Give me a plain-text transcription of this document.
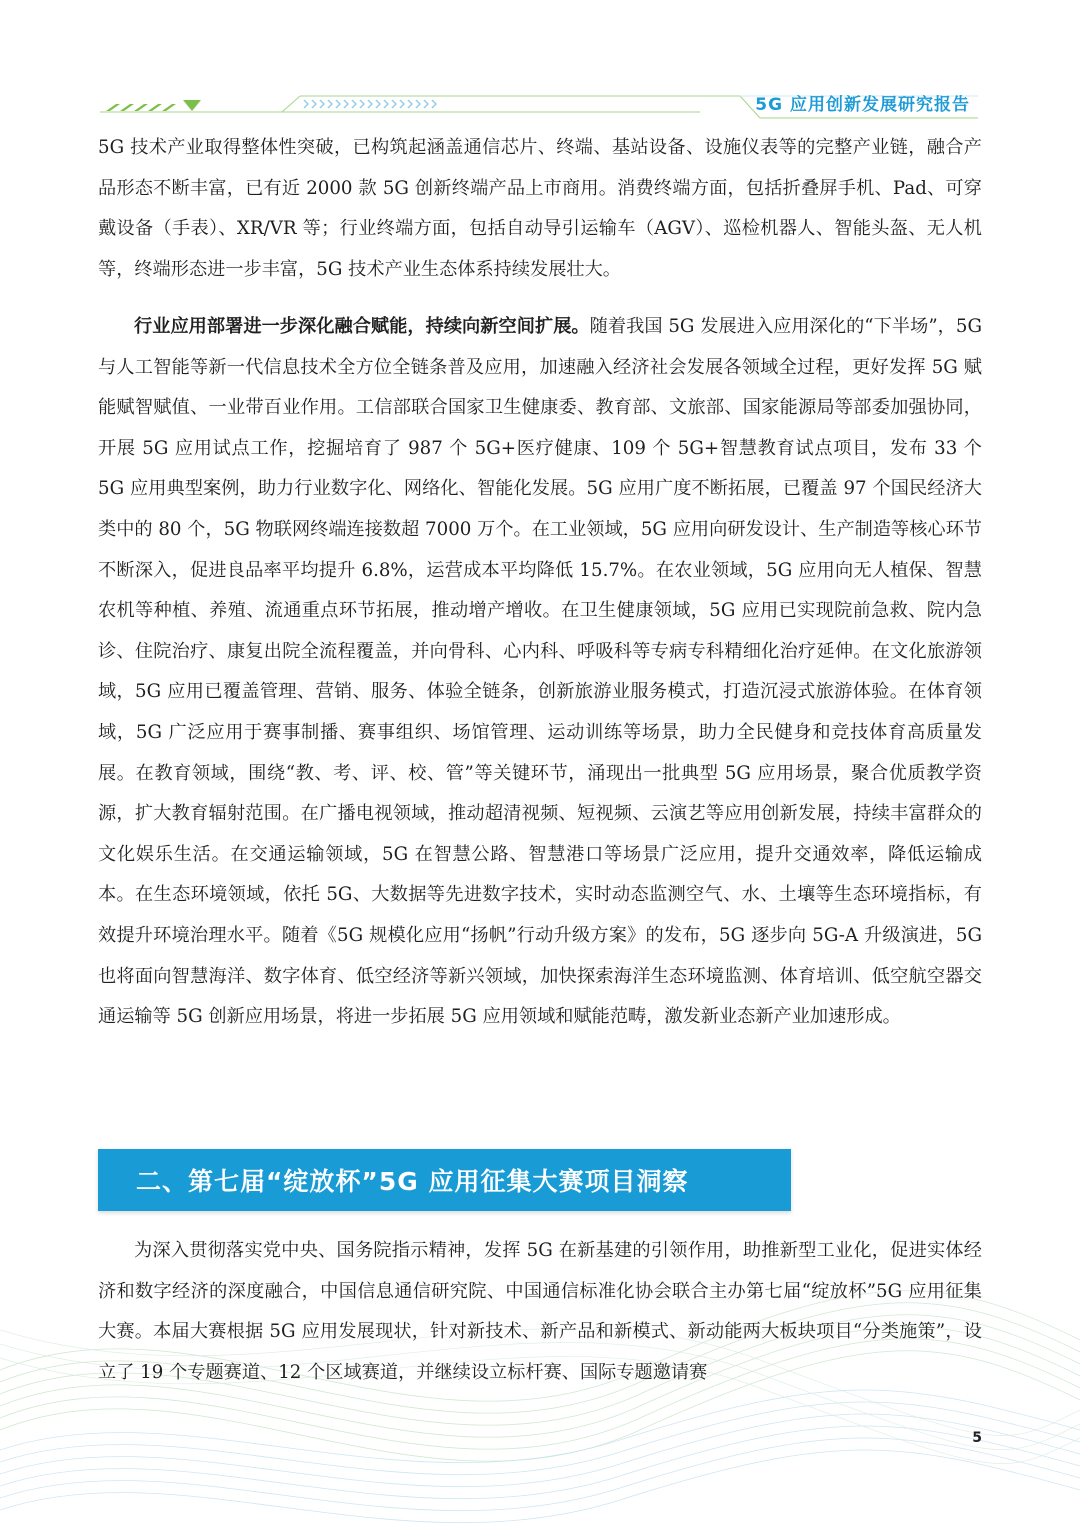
5G 应用创新发展研究报告

5G 技术产业取得整体性突破，已构筑起涵盖通信芯片、终端、基站设备、设施仪表等的完整产业链，融合产品形态不断丰富，已有近 2000 款 5G 创新终端产品上市商用。消费终端方面，包括折叠屏手机、Pad、可穿戴设备（手表）、XR/VR 等；行业终端方面，包括自动导引运输车（AGV）、巡检机器人、智能头盔、无人机等，终端形态进一步丰富，5G 技术产业生态体系持续发展壮大。

行业应用部署进一步深化融合赋能，持续向新空间扩展。随着我国 5G 发展进入应用深化的“下半场”，5G 与人工智能等新一代信息技术全方位全链条普及应用，加速融入经济社会发展各领域全过程，更好发挥 5G 赋能赋智赋值、一业带百业作用。工信部联合国家卫生健康委、教育部、文旅部、国家能源局等部委加强协同，开展 5G 应用试点工作，挖掘培育了 987 个 5G+医疗健康、109 个 5G+智慧教育试点项目，发布 33 个 5G 应用典型案例，助力行业数字化、网络化、智能化发展。5G 应用广度不断拓展，已覆盖 97 个国民经济大类中的 80 个，5G 物联网终端连接数超 7000 万个。在工业领域，5G 应用向研发设计、生产制造等核心环节不断深入，促进良品率平均提升 6.8%，运营成本平均降低 15.7%。在农业领域，5G 应用向无人植保、智慧农机等种植、养殖、流通重点环节拓展，推动增产增收。在卫生健康领域，5G 应用已实现院前急救、院内急诊、住院治疗、康复出院全流程覆盖，并向骨科、心内科、呼吸科等专病专科精细化治疗延伸。在文化旅游领域，5G 应用已覆盖管理、营销、服务、体验全链条，创新旅游业服务模式，打造沉浸式旅游体验。在体育领域，5G 广泛应用于赛事制播、赛事组织、场馆管理、运动训练等场景，助力全民健身和竞技体育高质量发展。在教育领域，围绕“教、考、评、校、管”等关键环节，涌现出一批典型 5G 应用场景，聚合优质教学资源，扩大教育辐射范围。在广播电视领域，推动超清视频、短视频、云演艺等应用创新发展，持续丰富群众的文化娱乐生活。在交通运输领域，5G 在智慧公路、智慧港口等场景广泛应用，提升交通效率，降低运输成本。在生态环境领域，依托 5G、大数据等先进数字技术，实时动态监测空气、水、土壤等生态环境指标，有效提升环境治理水平。随着《5G 规模化应用“扬帆”行动升级方案》的发布，5G 逐步向 5G-A 升级演进，5G 也将面向智慧海洋、数字体育、低空经济等新兴领域，加快探索海洋生态环境监测、体育培训、低空航空器交通运输等 5G 创新应用场景，将进一步拓展 5G 应用领域和赋能范畴，激发新业态新产业加速形成。

二、第七届“绽放杯”5G 应用征集大赛项目洞察

为深入贯彻落实党中央、国务院指示精神，发挥 5G 在新基建的引领作用，助推新型工业化，促进实体经济和数字经济的深度融合，中国信息通信研究院、中国通信标准化协会联合主办第七届“绽放杯”5G 应用征集大赛。本届大赛根据 5G 应用发展现状，针对新技术、新产品和新模式、新动能两大板块项目“分类施策”，设立了 19 个专题赛道、12 个区域赛道，并继续设立标杆赛、国际专题邀请赛

5
